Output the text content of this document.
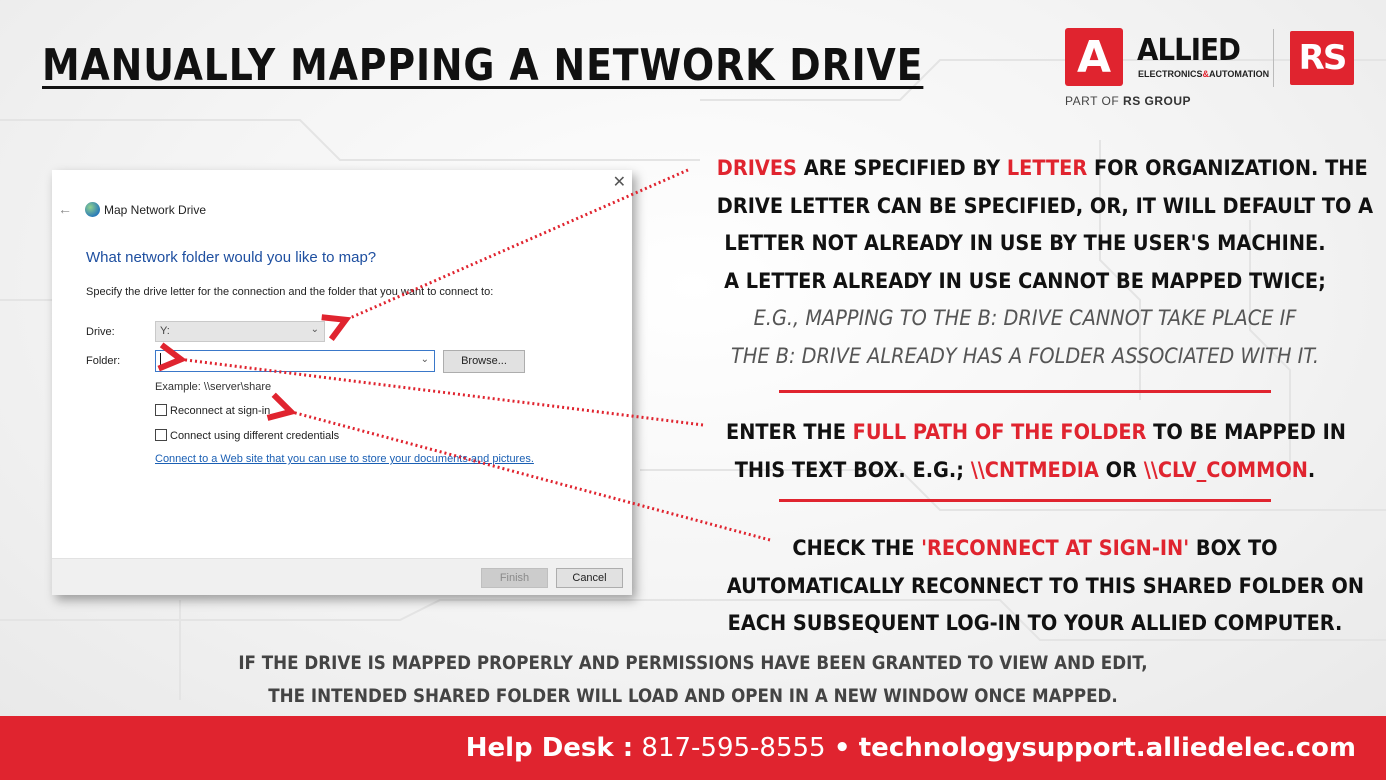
MANUALLY MAPPING A NETWORK DRIVE	A ALLIED
ELECTRONICS&AUTOMATION RS
PART OF RS GROUP
✕
←	Map Network Drive
What network folder would you like to map?
Specify the drive letter for the connection and the folder that you want to connect to:
Drive:	Y:	⌄
Folder:	⌄	Browse...
Example: \\server\share
Reconnect at sign-in
Connect using different credentials
Connect to a Web site that you can use to store your documents and pictures.
Finish	Cancel
DRIVES ARE SPECIFIED BY LETTER FOR ORGANIZATION. THE
DRIVE LETTER CAN BE SPECIFIED, OR, IT WILL DEFAULT TO A
LETTER NOT ALREADY IN USE BY THE USER'S MACHINE.
A LETTER ALREADY IN USE CANNOT BE MAPPED TWICE;
E.G., MAPPING TO THE B: DRIVE CANNOT TAKE PLACE IF
THE B: DRIVE ALREADY HAS A FOLDER ASSOCIATED WITH IT.
ENTER THE FULL PATH OF THE FOLDER TO BE MAPPED IN
THIS TEXT BOX. E.G.; \\CNTMEDIA OR \\CLV_COMMON.
CHECK THE 'RECONNECT AT SIGN-IN' BOX TO
AUTOMATICALLY RECONNECT TO THIS SHARED FOLDER ON
EACH SUBSEQUENT LOG-IN TO YOUR ALLIED COMPUTER.
IF THE DRIVE IS MAPPED PROPERLY AND PERMISSIONS HAVE BEEN GRANTED TO VIEW AND EDIT,
THE INTENDED SHARED FOLDER WILL LOAD AND OPEN IN A NEW WINDOW ONCE MAPPED.
Help Desk : 817-595-8555 • technologysupport.alliedelec.com
